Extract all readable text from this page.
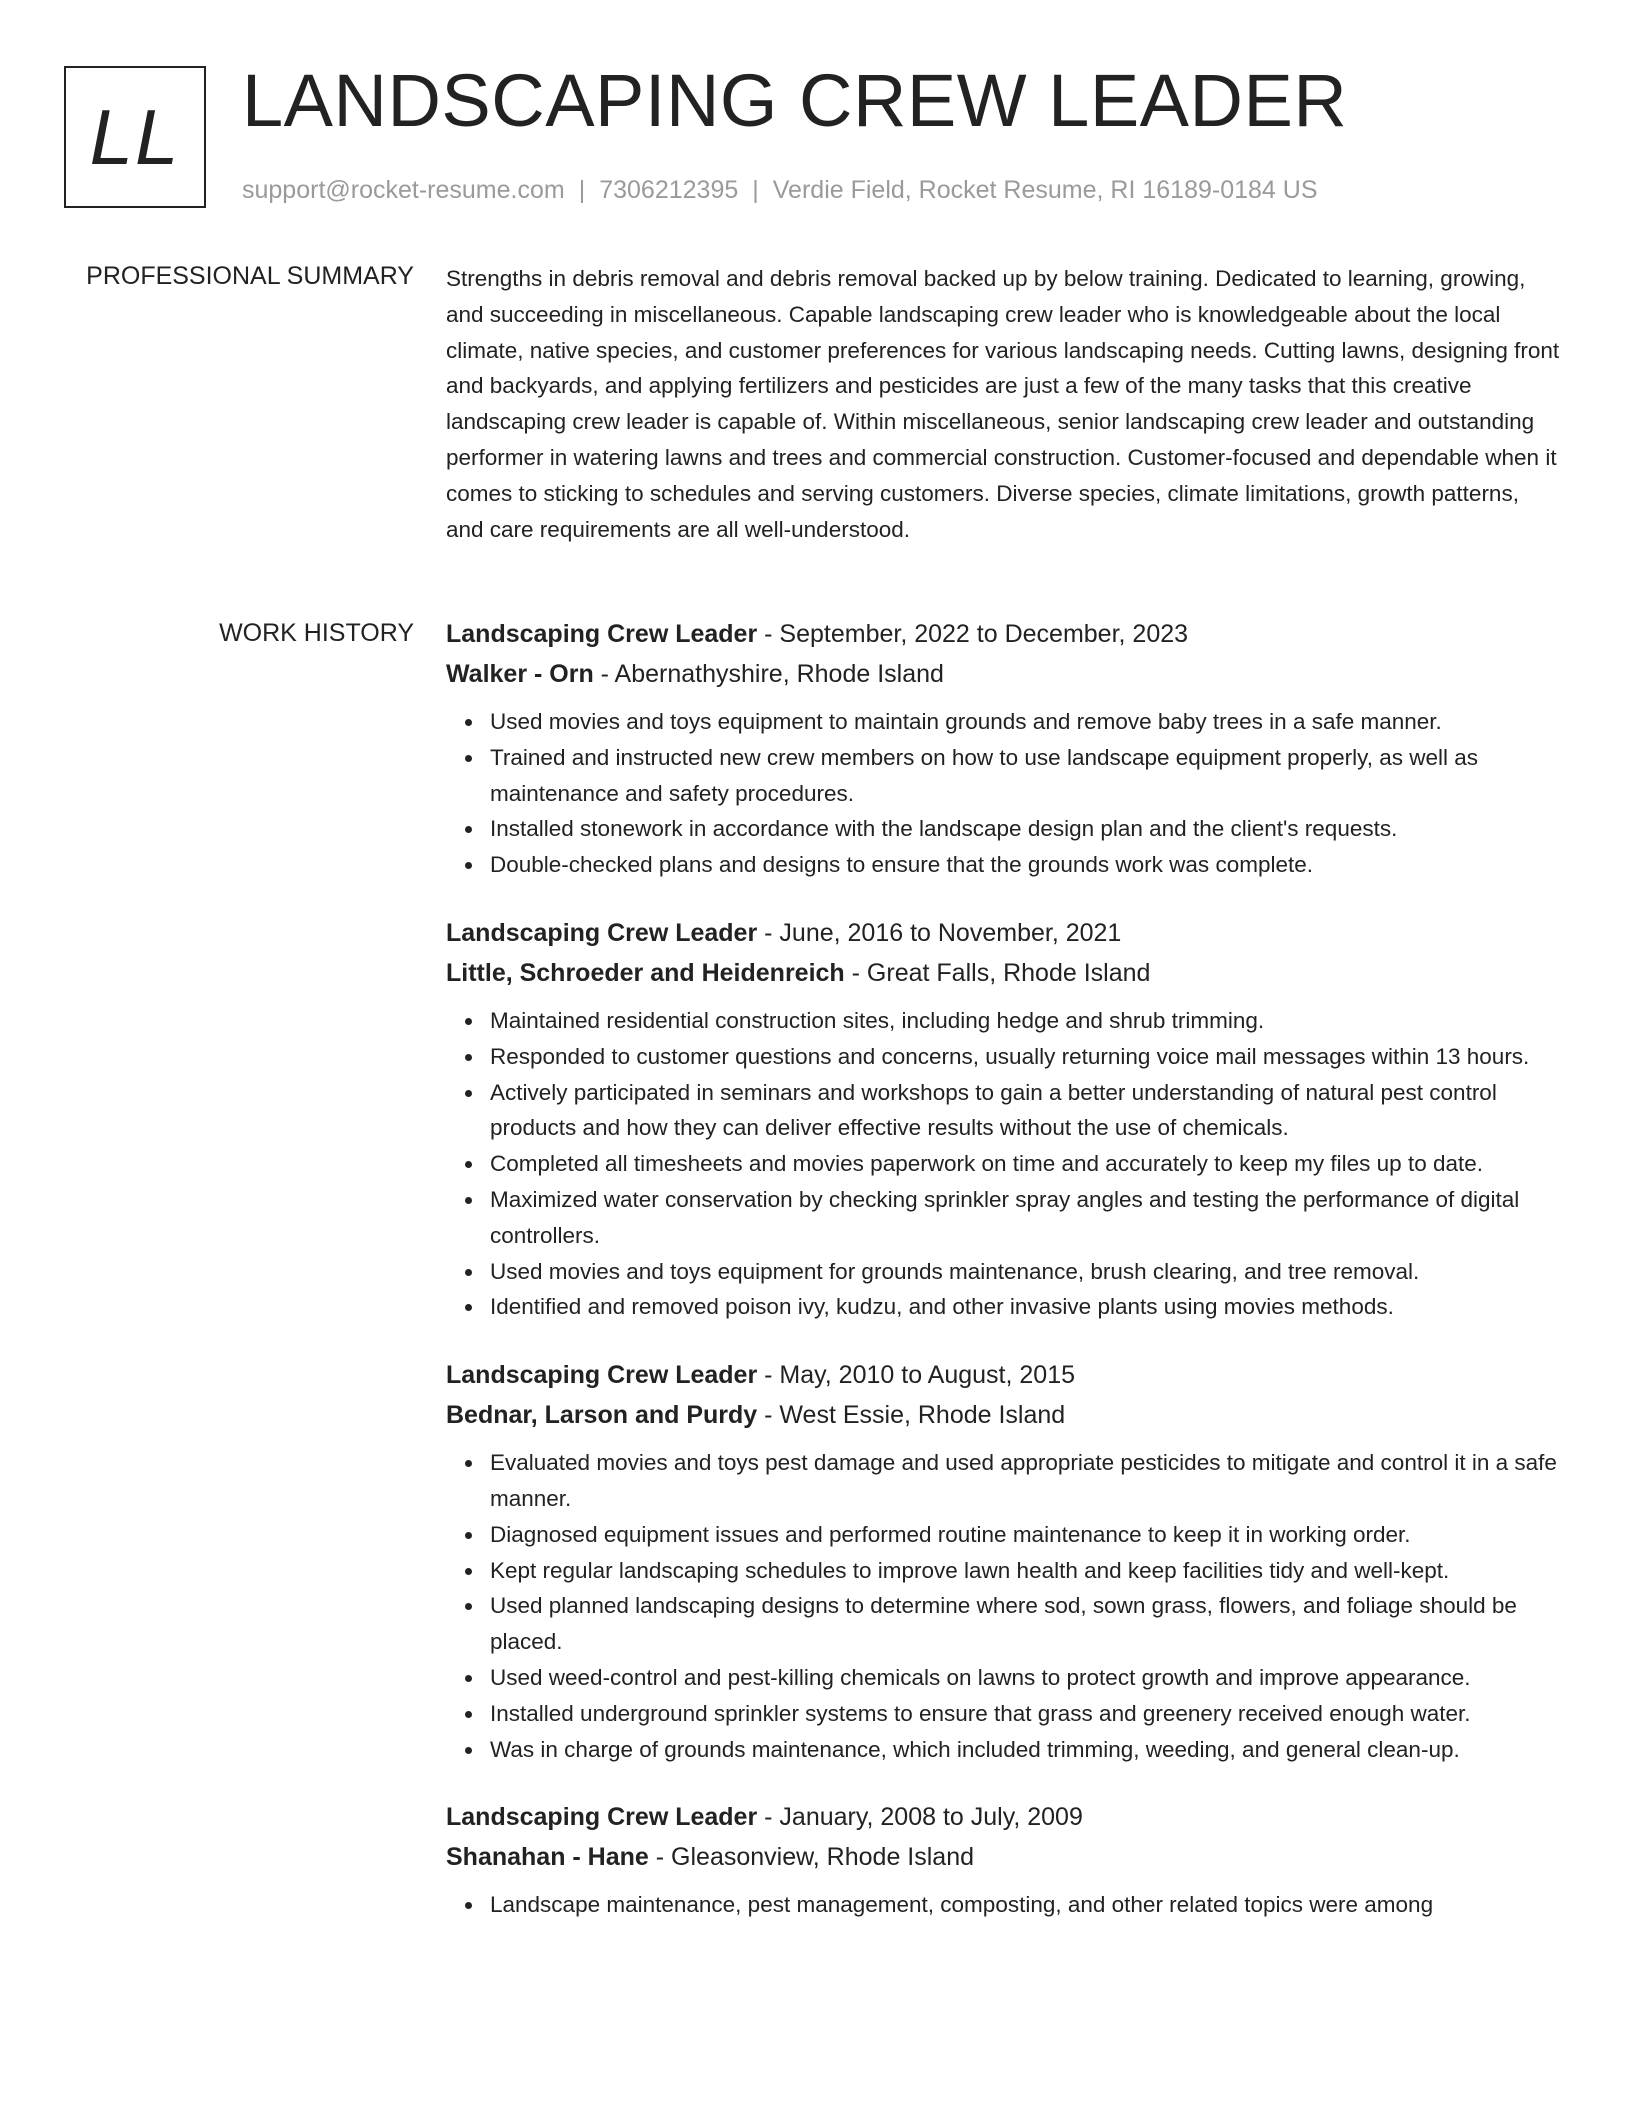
LL LANDSCAPING CREW LEADER
support@rocket-resume.com | 7306212395 | Verdie Field, Rocket Resume, RI 16189-0184 US
PROFESSIONAL SUMMARY Strengths in debris removal and debris removal backed up by below training. Dedicated to learning, growing, and succeeding in miscellaneous. Capable landscaping crew leader who is knowledgeable about the local climate, native species, and customer preferences for various landscaping needs. Cutting lawns, designing front and backyards, and applying fertilizers and pesticides are just a few of the many tasks that this creative landscaping crew leader is capable of. Within miscellaneous, senior landscaping crew leader and outstanding performer in watering lawns and trees and commercial construction. Customer-focused and dependable when it comes to sticking to schedules and serving customers. Diverse species, climate limitations, growth patterns, and care requirements are all well-understood.

WORK HISTORY Landscaping Crew Leader - September, 2022 to December, 2023
Walker - Orn - Abernathyshire, Rhode Island
Used movies and toys equipment to maintain grounds and remove baby trees in a safe manner.
Trained and instructed new crew members on how to use landscape equipment properly, as well as maintenance and safety procedures.
Installed stonework in accordance with the landscape design plan and the client's requests.
Double-checked plans and designs to ensure that the grounds work was complete.
Landscaping Crew Leader - June, 2016 to November, 2021
Little, Schroeder and Heidenreich - Great Falls, Rhode Island
Maintained residential construction sites, including hedge and shrub trimming.
Responded to customer questions and concerns, usually returning voice mail messages within 13 hours.
Actively participated in seminars and workshops to gain a better understanding of natural pest control products and how they can deliver effective results without the use of chemicals.
Completed all timesheets and movies paperwork on time and accurately to keep my files up to date.
Maximized water conservation by checking sprinkler spray angles and testing the performance of digital controllers.
Used movies and toys equipment for grounds maintenance, brush clearing, and tree removal.
Identified and removed poison ivy, kudzu, and other invasive plants using movies methods.
Landscaping Crew Leader - May, 2010 to August, 2015
Bednar, Larson and Purdy - West Essie, Rhode Island
Evaluated movies and toys pest damage and used appropriate pesticides to mitigate and control it in a safe manner.
Diagnosed equipment issues and performed routine maintenance to keep it in working order.
Kept regular landscaping schedules to improve lawn health and keep facilities tidy and well-kept.
Used planned landscaping designs to determine where sod, sown grass, flowers, and foliage should be placed.
Used weed-control and pest-killing chemicals on lawns to protect growth and improve appearance.
Installed underground sprinkler systems to ensure that grass and greenery received enough water.
Was in charge of grounds maintenance, which included trimming, weeding, and general clean-up.
Landscaping Crew Leader - January, 2008 to July, 2009
Shanahan - Hane - Gleasonview, Rhode Island
Landscape maintenance, pest management, composting, and other related topics were among
